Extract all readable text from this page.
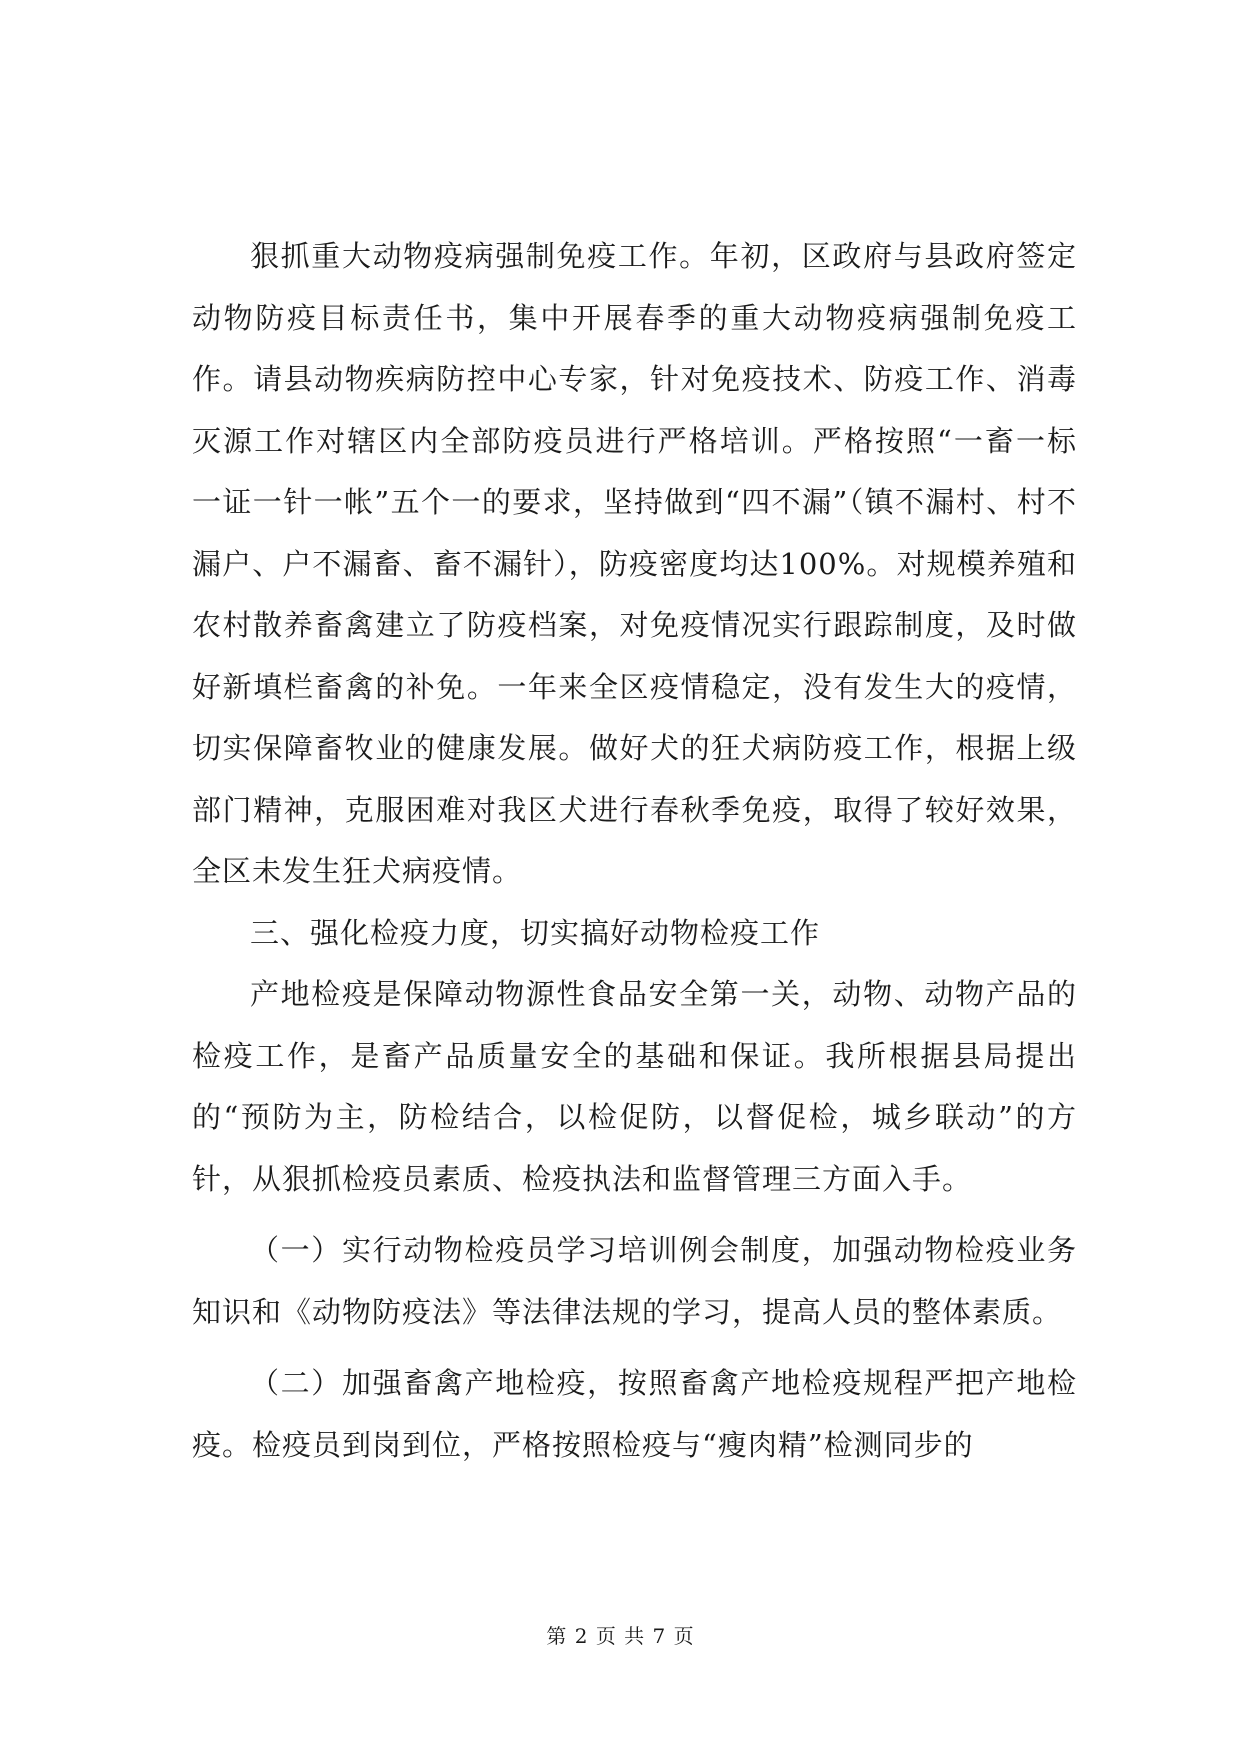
狠抓重大动物疫病强制免疫工作。年初，区政府与县政府签定动物防疫目标责任书，集中开展春季的重大动物疫病强制免疫工作。请县动物疾病防控中心专家，针对免疫技术、防疫工作、消毒灭源工作对辖区内全部防疫员进行严格培训。严格按照“一畜一标一证一针一帐”五个一的要求，坚持做到“四不漏”（镇不漏村、村不漏户、户不漏畜、畜不漏针），防疫密度均达100%。对规模养殖和农村散养畜禽建立了防疫档案，对免疫情况实行跟踪制度，及时做好新填栏畜禽的补免。一年来全区疫情稳定，没有发生大的疫情，切实保障畜牧业的健康发展。做好犬的狂犬病防疫工作，根据上级部门精神，克服困难对我区犬进行春秋季免疫，取得了较好效果，全区未发生狂犬病疫情。

三、强化检疫力度，切实搞好动物检疫工作

产地检疫是保障动物源性食品安全第一关，动物、动物产品的检疫工作，是畜产品质量安全的基础和保证。我所根据县局提出的“预防为主，防检结合，以检促防，以督促检，城乡联动”的方针，从狠抓检疫员素质、检疫执法和监督管理三方面入手。

（一）实行动物检疫员学习培训例会制度，加强动物检疫业务知识和《动物防疫法》等法律法规的学习，提高人员的整体素质。

（二）加强畜禽产地检疫，按照畜禽产地检疫规程严把产地检疫。检疫员到岗到位，严格按照检疫与“瘦肉精”检测同步的

第 2 页 共 7 页
